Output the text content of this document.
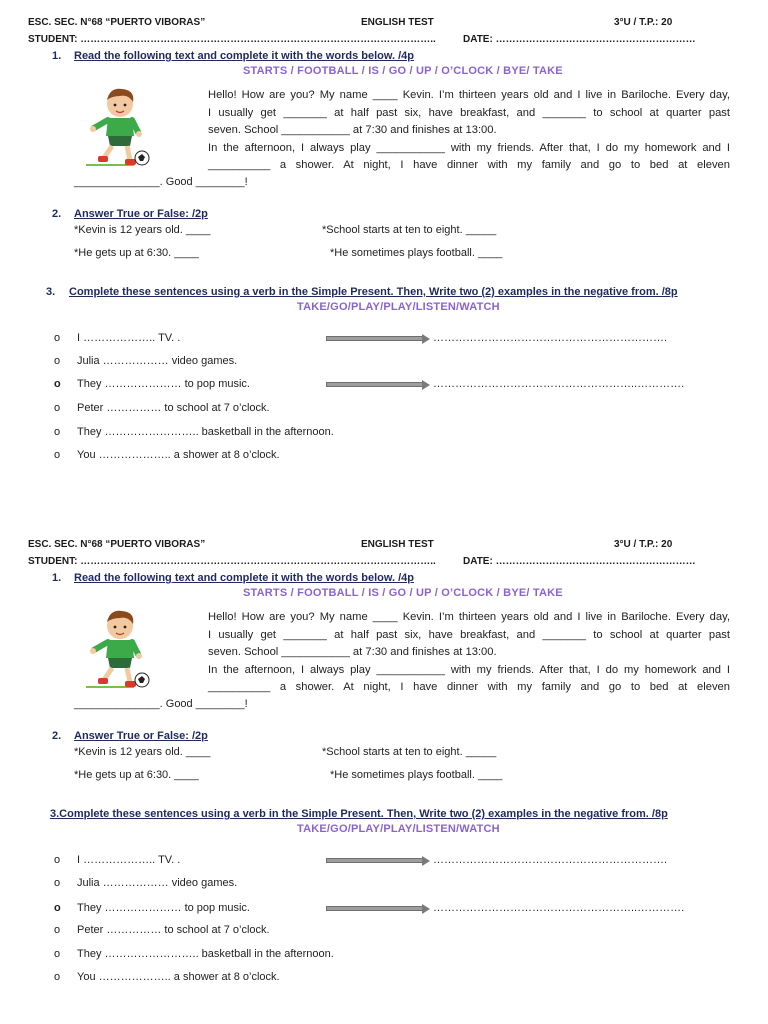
ESC. SEC. N°68 “PUERTO VIBORAS”	ENGLISH TEST	3°U / T.P.: 20
STUDENT: ……………………………………………………………………………………………..	DATE: ……………………………………………………
1. Read the following text and complete it with the words below. /4p
STARTS / FOOTBALL / IS / GO / UP / O’CLOCK / BYE/ TAKE
Hello! How are you? My name ____ Kevin. I’m thirteen years old and I live in Bariloche. Every day,
I usually get _______ at half past six, have breakfast, and _______ to school at quarter past
seven. School ___________ at 7:30 and finishes at 13:00.
In the afternoon, I always play ___________ with my friends. After that, I do my homework and I
__________ a shower. At night, I have dinner with my family and go to bed at eleven
______________. Good ________!
2. Answer True or False: /2p
*Kevin is 12 years old. ____	*School starts at ten to eight. _____
*He gets up at 6:30. ____	*He sometimes plays football. ____
3. Complete these sentences using a verb in the Simple Present. Then, Write two (2) examples in the negative from. /8p
TAKE/GO/PLAY/PLAY/LISTEN/WATCH
o I ……………….. TV. .	……………………………………………………….
o Julia ……………… video games.
o They ………………… to pop music.	………………………………………………..………….
o Peter …………… to school at 7 o’clock.
o They …………………….. basketball in the afternoon.
o You ……………….. a shower at 8 o’clock.
ESC. SEC. N°68 “PUERTO VIBORAS”	ENGLISH TEST	3°U / T.P.: 20
STUDENT: ……………………………………………………………………………………………..	DATE: ……………………………………………………
1. Read the following text and complete it with the words below. /4p
STARTS / FOOTBALL / IS / GO / UP / O’CLOCK / BYE/ TAKE
Hello! How are you? My name ____ Kevin. I’m thirteen years old and I live in Bariloche. Every day,
I usually get _______ at half past six, have breakfast, and _______ to school at quarter past
seven. School ___________ at 7:30 and finishes at 13:00.
In the afternoon, I always play ___________ with my friends. After that, I do my homework and I
__________ a shower. At night, I have dinner with my family and go to bed at eleven
______________. Good ________!
2. Answer True or False: /2p
*Kevin is 12 years old. ____	*School starts at ten to eight. _____
*He gets up at 6:30. ____	*He sometimes plays football. ____
3.Complete these sentences using a verb in the Simple Present. Then, Write two (2) examples in the negative from. /8p
TAKE/GO/PLAY/PLAY/LISTEN/WATCH
o I ……………….. TV. .	……………………………………………………….
o Julia ……………… video games.
o They ………………… to pop music.	………………………………………………..………….
o Peter …………… to school at 7 o’clock.
o They …………………….. basketball in the afternoon.
o You ……………….. a shower at 8 o’clock.
